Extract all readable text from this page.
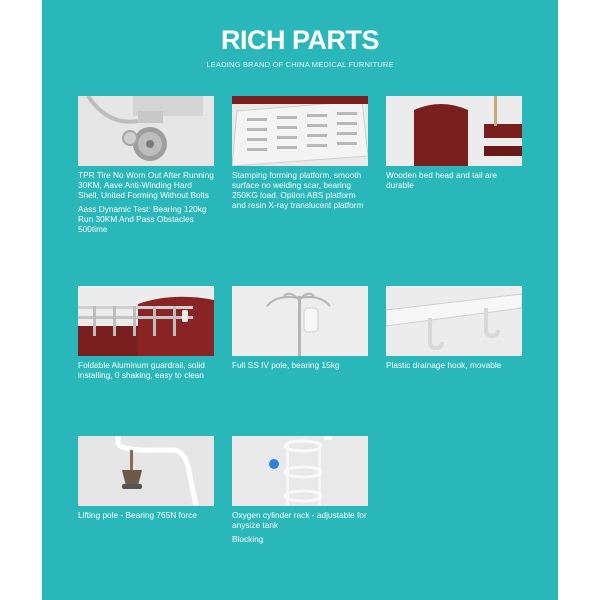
RICH PARTS
LEADING BRAND OF CHINA MEDICAL FURNITURE
TPR Tire No Worn Out After Running 30KM, Aave Anti-Winding Hard Shell, United Forming Without Bolts
Aass Dynamic Test: Bearing 120kg Run 30KM And Pass Obstacles 500time
Stamping forming platform, smooth surface no welding scar, bearing 250KG load. Option ABS platform and resin X-ray translucent platform
Wooden bed head and tail are durable
Foldable Aluminum guardrail, solid installing, 0 shaking, easy to clean
Full SS IV pole, bearing 15kg	Plastic drainage hook, movable
Lifting pole - Bearing 765N force	Oxygen cylinder rack - adjustable for anysize tank
Blocking
